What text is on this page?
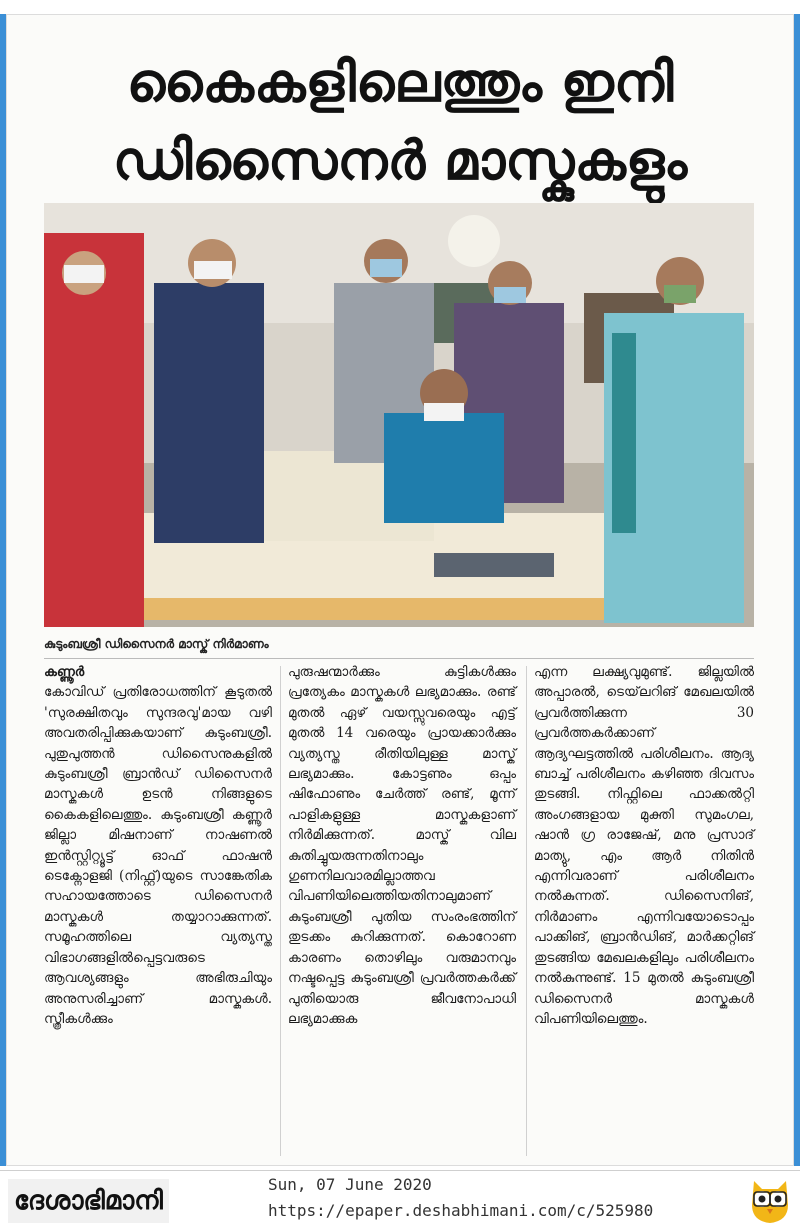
കൈകളിലെത്തും ഇനി ഡിസൈനർ മാസ്കുകളും
കുടുംബശ്രീ ഡിസൈനർ മാസ്ക് നിർമാണം

കണ്ണൂർ
കോവിഡ് പ്രതിരോധത്തിന് കൂടുതൽ 'സുരക്ഷിതവും സുന്ദരവു'മായ വഴി അവതരിപ്പിക്കുകയാണ് കുടുംബശ്രീ. പുതുപുത്തൻ ഡിസൈനുകളിൽ കുടുംബശ്രീ ബ്രാൻഡ് ഡിസൈനർ മാസ്കുകൾ ഉടൻ നിങ്ങളുടെ കൈകളിലെത്തും. കുടുംബശ്രീ കണ്ണൂർ ജില്ലാ മിഷനാണ് നാഷണൽ ഇൻസ്റ്റിറ്റ്യൂട്ട് ഓഫ് ഫാഷൻ ടെക്നോളജി (നിഫ്റ്റ്)യുടെ സാങ്കേതിക സഹായത്തോടെ ഡിസൈനർ മാസ്കുകൾ തയ്യാറാക്കുന്നത്. സമൂഹത്തിലെ വ്യത്യസ്ത വിഭാഗങ്ങളിൽപ്പെട്ടവരുടെ ആവശ്യങ്ങളും അഭിരുചിയും അനുസരിച്ചാണ് മാസ്കുകൾ. സ്ത്രീകൾക്കും

പുരുഷന്മാർക്കും കുട്ടികൾക്കും പ്രത്യേകം മാസ്കുകൾ ലഭ്യമാക്കും. രണ്ട് മുതൽ ഏഴ് വയസ്സുവരെയും എട്ട് മുതൽ 14 വരെയും പ്രായക്കാർക്കും വ്യത്യസ്ത രീതിയിലുള്ള മാസ്ക് ലഭ്യമാക്കും. കോട്ടണും ഒപ്പം ഷിഫോണും ചേർത്ത് രണ്ട്, മൂന്ന് പാളികളുള്ള മാസ്കുകളാണ് നിർമിക്കുന്നത്. മാസ്ക് വില കുതിച്ചുയരുന്നതിനാലും ഗുണനിലവാരമില്ലാത്തവ വിപണിയിലെത്തിയതിനാലുമാണ് കുടുംബശ്രീ പുതിയ സംരംഭത്തിന് തുടക്കം കുറിക്കുന്നത്. കൊറോണ കാരണം തൊഴിലും വരുമാനവും നഷ്ടപ്പെട്ട കുടുംബശ്രീ പ്രവർത്തകർക്ക് പുതിയൊരു ജീവനോപാധി ലഭ്യമാക്കുക

എന്ന ലക്ഷ്യവുമുണ്ട്. ജില്ലയിൽ അപ്പാരൽ, ടെയ്‌ലറിങ് മേഖലയിൽ പ്രവർത്തിക്കുന്ന 30 പ്രവർത്തകർക്കാണ് ആദ്യഘട്ടത്തിൽ പരിശീലനം. ആദ്യ ബാച്ച് പരിശീലനം കഴിഞ്ഞ ദിവസം തുടങ്ങി. നിഫ്റ്റിലെ ഫാക്കൽറ്റി അംഗങ്ങളായ മുക്തി സുമംഗല, ഷാൻ ഗ്ര രാജേഷ്, മനു പ്രസാദ് മാത്യു, എം ആർ നിതിൻ എന്നിവരാണ് പരിശീലനം നൽകുന്നത്. ഡിസൈനിങ്, നിർമാണം എന്നിവയോടൊപ്പം പാക്കിങ്, ബ്രാൻഡിങ്, മാർക്കറ്റിങ് തുടങ്ങിയ മേഖലകളിലും പരിശീലനം നൽകുന്നുണ്ട്. 15 മുതൽ കുടുംബശ്രീ ഡിസൈനർ മാസ്കുകൾ വിപണിയിലെത്തും.

ദേശാഭിമാനി
Sun, 07 June 2020
https://epaper.deshabhimani.com/c/525980
